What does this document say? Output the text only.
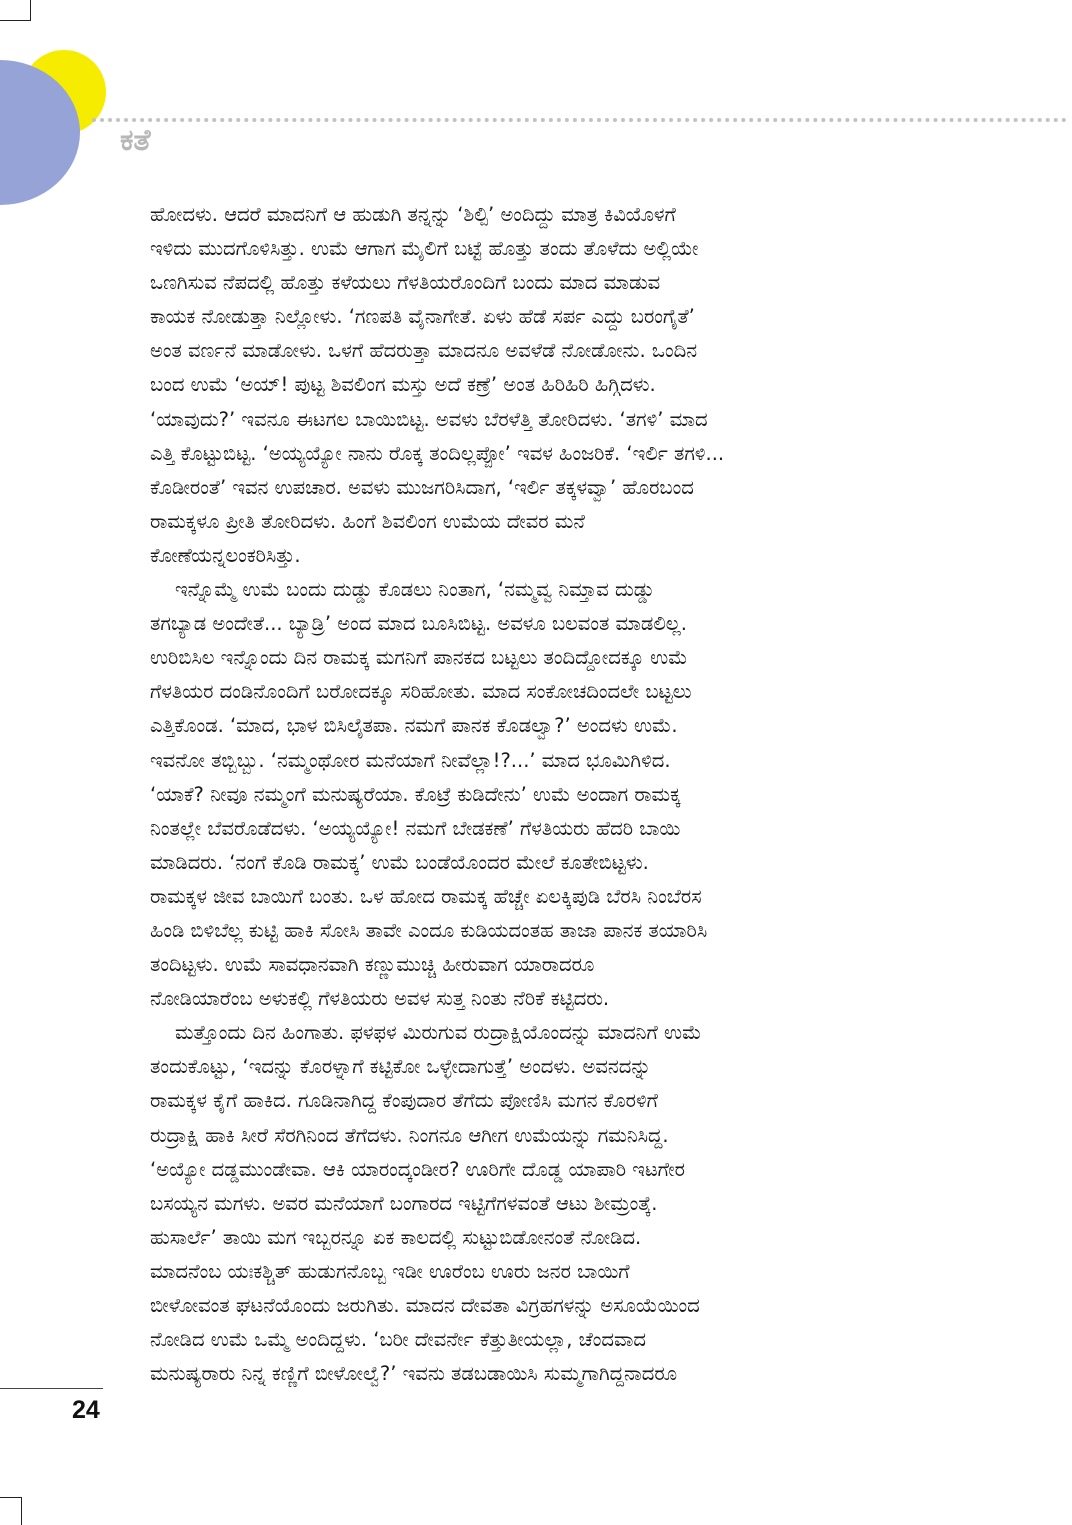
ಕತೆ
ಹೋದಳು. ಆದರೆ ಮಾದನಿಗೆ ಆ ಹುಡುಗಿ ತನ್ನನ್ನು ‘ಶಿಲ್ಪಿ’ ಅಂದಿದ್ದು ಮಾತ್ರ ಕಿವಿಯೊಳಗೆ
ಇಳಿದು ಮುದಗೊಳಿಸಿತ್ತು. ಉಮೆ ಆಗಾಗ ಮೈಲಿಗೆ ಬಟ್ಟೆ ಹೊತ್ತು ತಂದು ತೊಳೆದು ಅಲ್ಲಿಯೇ
ಒಣಗಿಸುವ ನೆಪದಲ್ಲಿ ಹೊತ್ತು ಕಳೆಯಲು ಗೆಳತಿಯರೊಂದಿಗೆ ಬಂದು ಮಾದ ಮಾಡುವ
ಕಾಯಕ ನೋಡುತ್ತಾ ನಿಲ್ಲೋಳು. ‘ಗಣಪತಿ ವೈನಾಗೇತೆ. ಏಳು ಹೆಡೆ ಸರ್ಪ ಎದ್ದು ಬರಂಗೈತೆ’
ಅಂತ ವರ್ಣನೆ ಮಾಡೋಳು. ಒಳಗೆ ಹೆದರುತ್ತಾ ಮಾದನೂ ಅವಳೆಡೆ ನೋಡೋನು. ಒಂದಿನ
ಬಂದ ಉಮೆ ‘ಅಯ್! ಪುಟ್ಟ ಶಿವಲಿಂಗ ಮಸ್ತು ಅದೆ ಕಣ್ರೆ’ ಅಂತ ಹಿರಿಹಿರಿ ಹಿಗ್ಗಿದಳು.
‘ಯಾವುದು?’ ಇವನೂ ಈಟಗಲ ಬಾಯಿಬಿಟ್ಟ. ಅವಳು ಬೆರಳೆತ್ತಿ ತೋರಿದಳು. ‘ತಗಳಿ’ ಮಾದ
ಎತ್ತಿ ಕೊಟ್ಟುಬಿಟ್ಟ. ‘ಅಯ್ಯಯ್ಯೋ ನಾನು ರೊಕ್ಕ ತಂದಿಲ್ಲಪ್ಪೋ’ ಇವಳ ಹಿಂಜರಿಕೆ. ‘ಇರ್ಲಿ ತಗಳಿ...
ಕೊಡೀರಂತೆ’ ಇವನ ಉಪಚಾರ. ಅವಳು ಮುಜಗರಿಸಿದಾಗ, ‘ಇರ್ಲಿ ತಕ್ಕಳವ್ವಾ’ ಹೊರಬಂದ
ರಾಮಕ್ಕಳೂ ಪ್ರೀತಿ ತೋರಿದಳು. ಹಿಂಗೆ ಶಿವಲಿಂಗ ಉಮೆಯ ದೇವರ ಮನೆ
ಕೋಣೆಯನ್ನಲಂಕರಿಸಿತ್ತು.
ಇನ್ನೊಮ್ಮೆ ಉಮೆ ಬಂದು ದುಡ್ಡು ಕೊಡಲು ನಿಂತಾಗ, ‘ನಮ್ಮವ್ವ ನಿಮ್ತಾವ ದುಡ್ಡು
ತಗಬ್ಯಾಡ ಅಂದೇತೆ... ಬ್ಯಾಡ್ರಿ’ ಅಂದ ಮಾದ ಬೂಸಿಬಿಟ್ಟ. ಅವಳೂ ಬಲವಂತ ಮಾಡಲಿಲ್ಲ.
ಉರಿಬಿಸಿಲ ಇನ್ನೊಂದು ದಿನ ರಾಮಕ್ಕ ಮಗನಿಗೆ ಪಾನಕದ ಬಟ್ಟಲು ತಂದಿದ್ದೋದಕ್ಕೂ ಉಮೆ
ಗೆಳತಿಯರ ದಂಡಿನೊಂದಿಗೆ ಬರೋದಕ್ಕೂ ಸರಿಹೋತು. ಮಾದ ಸಂಕೋಚದಿಂದಲೇ ಬಟ್ಟಲು
ಎತ್ತಿಕೊಂಡ. ‘ಮಾದ, ಭಾಳ ಬಿಸಿಲೈತಪಾ. ನಮಗೆ ಪಾನಕ ಕೊಡಲ್ವಾ?’ ಅಂದಳು ಉಮೆ.
ಇವನೋ ತಬ್ಬಿಬ್ಬು. ‘ನಮ್ಮಂಥೋರ ಮನೆಯಾಗೆ ನೀವೆಲ್ಲಾ!?...’ ಮಾದ ಭೂಮಿಗಿಳಿದ.
‘ಯಾಕೆ? ನೀವೂ ನಮ್ಮಂಗೆ ಮನುಷ್ಯರೆಯಾ. ಕೊಟ್ರೆ ಕುಡಿದೇನು’ ಉಮೆ ಅಂದಾಗ ರಾಮಕ್ಕ
ನಿಂತಲ್ಲೇ ಬೆವರೊಡೆದಳು. ‘ಅಯ್ಯಯ್ಯೋ! ನಮಗೆ ಬೇಡಕಣೆ’ ಗೆಳತಿಯರು ಹೆದರಿ ಬಾಯಿ
ಮಾಡಿದರು. ‘ನಂಗೆ ಕೊಡಿ ರಾಮಕ್ಕ’ ಉಮೆ ಬಂಡೆಯೊಂದರ ಮೇಲೆ ಕೂತೇಬಿಟ್ಟಳು.
ರಾಮಕ್ಕಳ ಜೀವ ಬಾಯಿಗೆ ಬಂತು. ಒಳ ಹೋದ ರಾಮಕ್ಕ ಹೆಚ್ಚೇ ಏಲಕ್ಕಿಪುಡಿ ಬೆರಸಿ ನಿಂಬೆರಸ
ಹಿಂಡಿ ಬಿಳಿಬೆಲ್ಲ ಕುಟ್ಟಿ ಹಾಕಿ ಸೋಸಿ ತಾವೇ ಎಂದೂ ಕುಡಿಯದಂತಹ ತಾಜಾ ಪಾನಕ ತಯಾರಿಸಿ
ತಂದಿಟ್ಟಳು. ಉಮೆ ಸಾವಧಾನವಾಗಿ ಕಣ್ಣುಮುಚ್ಚಿ ಹೀರುವಾಗ ಯಾರಾದರೂ
ನೋಡಿಯಾರೆಂಬ ಅಳುಕಲ್ಲಿ ಗೆಳತಿಯರು ಅವಳ ಸುತ್ತ ನಿಂತು ನೆರಿಕೆ ಕಟ್ಟಿದರು.
ಮತ್ತೊಂದು ದಿನ ಹಿಂಗಾತು. ಫಳಫಳ ಮಿರುಗುವ ರುದ್ರಾಕ್ಷಿಯೊಂದನ್ನು ಮಾದನಿಗೆ ಉಮೆ
ತಂದುಕೊಟ್ಟು, ‘ಇದನ್ನು ಕೊರಳ್ನಾಗೆ ಕಟ್ಟಿಕೋ ಒಳ್ಳೇದಾಗುತ್ತೆ’ ಅಂದಳು. ಅವನದನ್ನು
ರಾಮಕ್ಕಳ ಕೈಗೆ ಹಾಕಿದ. ಗೂಡಿನಾಗಿದ್ದ ಕೆಂಪುದಾರ ತೆಗೆದು ಪೋಣಿಸಿ ಮಗನ ಕೊರಳಿಗೆ
ರುದ್ರಾಕ್ಷಿ ಹಾಕಿ ಸೀರೆ ಸೆರಗಿನಿಂದ ತೆಗೆದಳು. ನಿಂಗನೂ ಆಗೀಗ ಉಮೆಯನ್ನು ಗಮನಿಸಿದ್ದ.
‘ಅಯ್ಯೋ ದಡ್ಡಮುಂಡೇವಾ. ಆಕಿ ಯಾರಂದ್ಕಂಡೀರ? ಊರಿಗೇ ದೊಡ್ಡ ಯಾಪಾರಿ ಇಟಗೇರ
ಬಸಯ್ಯನ ಮಗಳು. ಅವರ ಮನೆಯಾಗೆ ಬಂಗಾರದ ಇಟ್ಟಿಗೆಗಳವಂತೆ ಆಟು ಶೀಮ್ರಂತ್ಕೆ.
ಹುಸಾರ್ಲೆ’ ತಾಯಿ ಮಗ ಇಬ್ಬರನ್ನೂ ಏಕ ಕಾಲದಲ್ಲಿ ಸುಟ್ಟುಬಿಡೋನಂತೆ ನೋಡಿದ.
ಮಾದನೆಂಬ ಯಃಕಶ್ಚಿತ್ ಹುಡುಗನೊಬ್ಬ ಇಡೀ ಊರೆಂಬ ಊರು ಜನರ ಬಾಯಿಗೆ
ಬೀಳೋವಂತ ಘಟನೆಯೊಂದು ಜರುಗಿತು. ಮಾದನ ದೇವತಾ ವಿಗ್ರಹಗಳನ್ನು ಅಸೂಯೆಯಿಂದ
ನೋಡಿದ ಉಮೆ ಒಮ್ಮೆ ಅಂದಿದ್ದಳು. ‘ಬರೀ ದೇವರ್ನೇ ಕೆತ್ತುತೀಯಲ್ಲಾ, ಚೆಂದವಾದ
ಮನುಷ್ಯರಾರು ನಿನ್ನ ಕಣ್ಣಿಗೆ ಬೀಳೋಲ್ವೆ?’ ಇವನು ತಡಬಡಾಯಿಸಿ ಸುಮ್ಮಗಾಗಿದ್ದನಾದರೂ
24
